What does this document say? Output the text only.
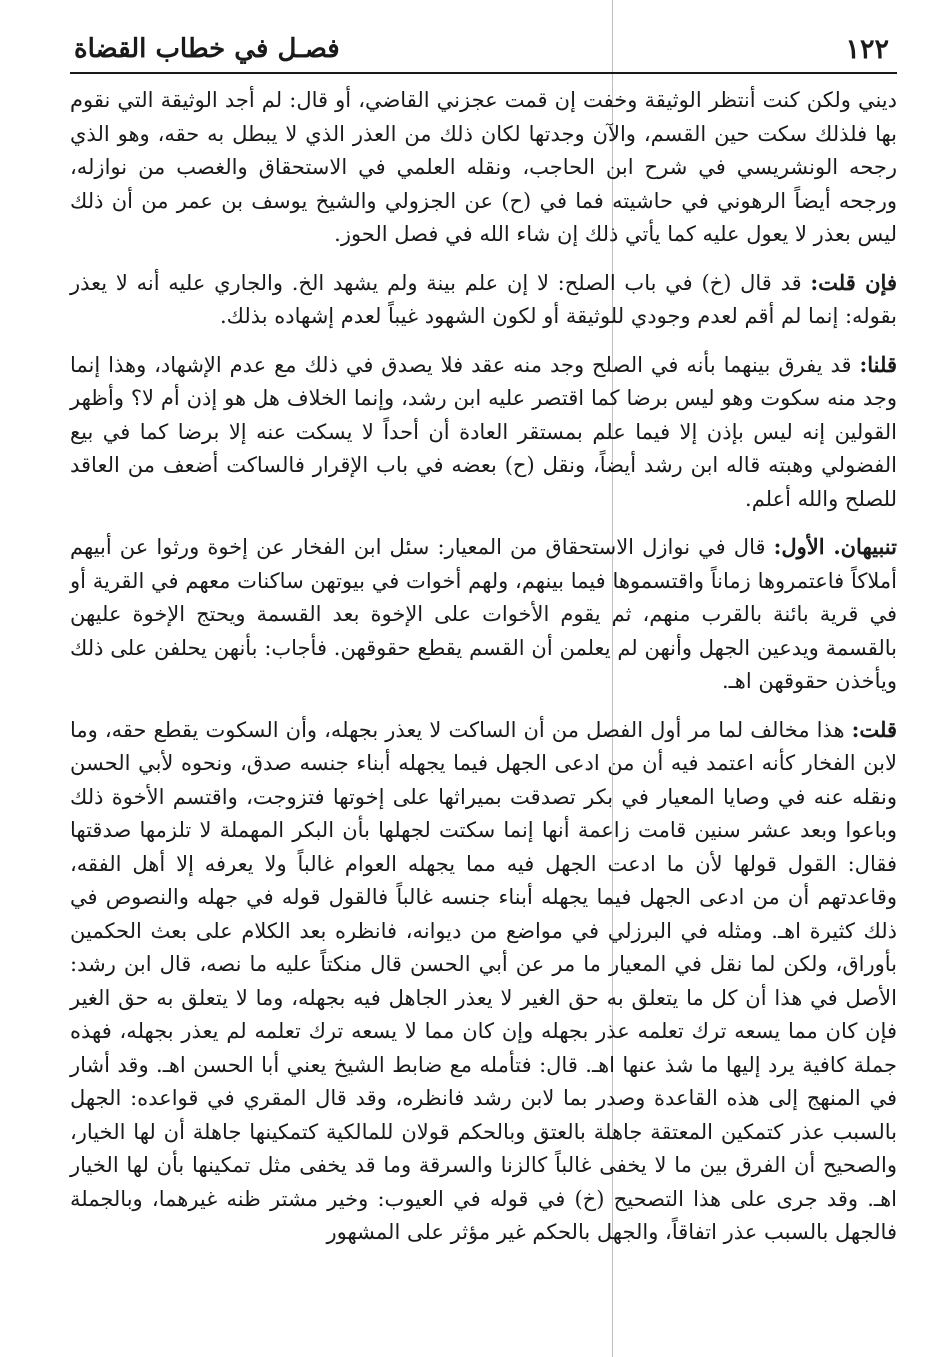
١٢٢
فصـل في خطاب القضاة

ديني ولكن كنت أنتظر الوثيقة وخفت إن قمت عجزني القاضي، أو قال: لم أجد الوثيقة التي نقوم بها فلذلك سكت حين القسم، والآن وجدتها لكان ذلك من العذر الذي لا يبطل به حقه، وهو الذي رجحه الونشريسي في شرح ابن الحاجب، ونقله العلمي في الاستحقاق والغصب من نوازله، ورجحه أيضاً الرهوني في حاشيته فما في (ح) عن الجزولي والشيخ يوسف بن عمر من أن ذلك ليس بعذر لا يعول عليه كما يأتي ذلك إن شاء الله في فصل الحوز.

فإن قلت: قد قال (خ) في باب الصلح: لا إن علم بينة ولم يشهد الخ. والجاري عليه أنه لا يعذر بقوله: إنما لم أقم لعدم وجودي للوثيقة أو لكون الشهود غيباً لعدم إشهاده بذلك.

قلنا: قد يفرق بينهما بأنه في الصلح وجد منه عقد فلا يصدق في ذلك مع عدم الإشهاد، وهذا إنما وجد منه سكوت وهو ليس برضا كما اقتصر عليه ابن رشد، وإنما الخلاف هل هو إذن أم لا؟ وأظهر القولين إنه ليس بإذن إلا فيما علم بمستقر العادة أن أحداً لا يسكت عنه إلا برضا كما في بيع الفضولي وهبته قاله ابن رشد أيضاً، ونقل (ح) بعضه في باب الإقرار فالساكت أضعف من العاقد للصلح والله أعلم.

تنبيهان. الأول: قال في نوازل الاستحقاق من المعيار: سئل ابن الفخار عن إخوة ورثوا عن أبيهم أملاكاً فاعتمروها زماناً واقتسموها فيما بينهم، ولهم أخوات في بيوتهن ساكنات معهم في القرية أو في قرية بائنة بالقرب منهم، ثم يقوم الأخوات على الإخوة بعد القسمة ويحتج الإخوة عليهن بالقسمة ويدعين الجهل وأنهن لم يعلمن أن القسم يقطع حقوقهن. فأجاب: بأنهن يحلفن على ذلك ويأخذن حقوقهن اهـ.

قلت: هذا مخالف لما مر أول الفصل من أن الساكت لا يعذر بجهله، وأن السكوت يقطع حقه، وما لابن الفخار كأنه اعتمد فيه أن من ادعى الجهل فيما يجهله أبناء جنسه صدق، ونحوه لأبي الحسن ونقله عنه في وصايا المعيار في بكر تصدقت بميراثها على إخوتها فتزوجت، واقتسم الأخوة ذلك وباعوا وبعد عشر سنين قامت زاعمة أنها إنما سكتت لجهلها بأن البكر المهملة لا تلزمها صدقتها فقال: القول قولها لأن ما ادعت الجهل فيه مما يجهله العوام غالباً ولا يعرفه إلا أهل الفقه، وقاعدتهم أن من ادعى الجهل فيما يجهله أبناء جنسه غالباً فالقول قوله في جهله والنصوص في ذلك كثيرة اهـ. ومثله في البرزلي في مواضع من ديوانه، فانظره بعد الكلام على بعث الحكمين بأوراق، ولكن لما نقل في المعيار ما مر عن أبي الحسن قال منكتاً عليه ما نصه، قال ابن رشد: الأصل في هذا أن كل ما يتعلق به حق الغير لا يعذر الجاهل فيه بجهله، وما لا يتعلق به حق الغير فإن كان مما يسعه ترك تعلمه عذر بجهله وإن كان مما لا يسعه ترك تعلمه لم يعذر بجهله، فهذه جملة كافية يرد إليها ما شذ عنها اهـ. قال: فتأمله مع ضابط الشيخ يعني أبا الحسن اهـ. وقد أشار في المنهج إلى هذه القاعدة وصدر بما لابن رشد فانظره، وقد قال المقري في قواعده: الجهل بالسبب عذر كتمكين المعتقة جاهلة بالعتق وبالحكم قولان للمالكية كتمكينها جاهلة أن لها الخيار، والصحيح أن الفرق بين ما لا يخفى غالباً كالزنا والسرقة وما قد يخفى مثل تمكينها بأن لها الخيار اهـ. وقد جرى على هذا التصحيح (خ) في قوله في العيوب: وخير مشتر ظنه غيرهما، وبالجملة فالجهل بالسبب عذر اتفاقاً، والجهل بالحكم غير مؤثر على المشهور
